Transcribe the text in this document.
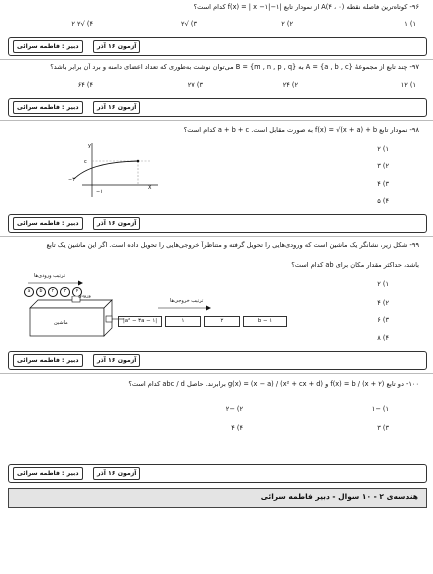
۹۶- کوتاه‌ترین فاصله نقطه (A(۴ ، ۰ از نمودار تابع |f(x) = | x −۱|−۱ کدام است؟
۱) ۱
۲) ۲
۳) √۲
۴) √۲ ۲
دبیر : فاطمه سرائی	آزمون ۱۶ آذر
۹۷- چند تابع از مجموعهٔ {A = {a , b , c به {B = {m , n , p , q می‌توان نوشت به‌طوری که تعداد اعضای دامنه و برد آن برابر باشد؟
۱) ۱۲
۲) ۲۴
۳) ۲۷
۴) ۶۴
دبیر : فاطمه سرائی	آزمون ۱۶ آذر
۹۸- نمودار تابع f(x) = √(x + a) + b به صورت مقابل است. a + b + c کدام است؟
۱) ۲
۲) ۳
۳) ۴
۴) ۵
y
X
c
−۴
−۱
دبیر : فاطمه سرائی	آزمون ۱۶ آذر
۹۹- شکل زیر، نشانگر یک ماشین است که ورودی‌هایی را تحویل گرفته و متناظراً خروجی‌هایی را تحویل داده است. اگر این ماشین یک تابع
باشد، حداکثر مقدار مکان برای ab کدام است؟
۱) ۲
۲) ۴
۳) ۶
۴) ۸
ترتیب ورودی‌ها
a	b	۲	۳	۴
ورودی
ماشین
ترتیب خروجی‌ها
|a² − ۳a − ۱|	۱	۲	b − ۱
دبیر : فاطمه سرائی	آزمون ۱۶ آذر
۱۰۰- دو تابع f(x) = b / (x + ۲) و g(x) = (x − a) / (x² + cx + d) برابرند. حاصل abc / d کدام است؟
۱) −۱
۲) −۲
۳) ۳
۴) ۴
دبیر : فاطمه سرائی	آزمون ۱۶ آذر
هندسه‌ی ۲ - ۱۰ سوال - دبیر فاطمه سرائی
